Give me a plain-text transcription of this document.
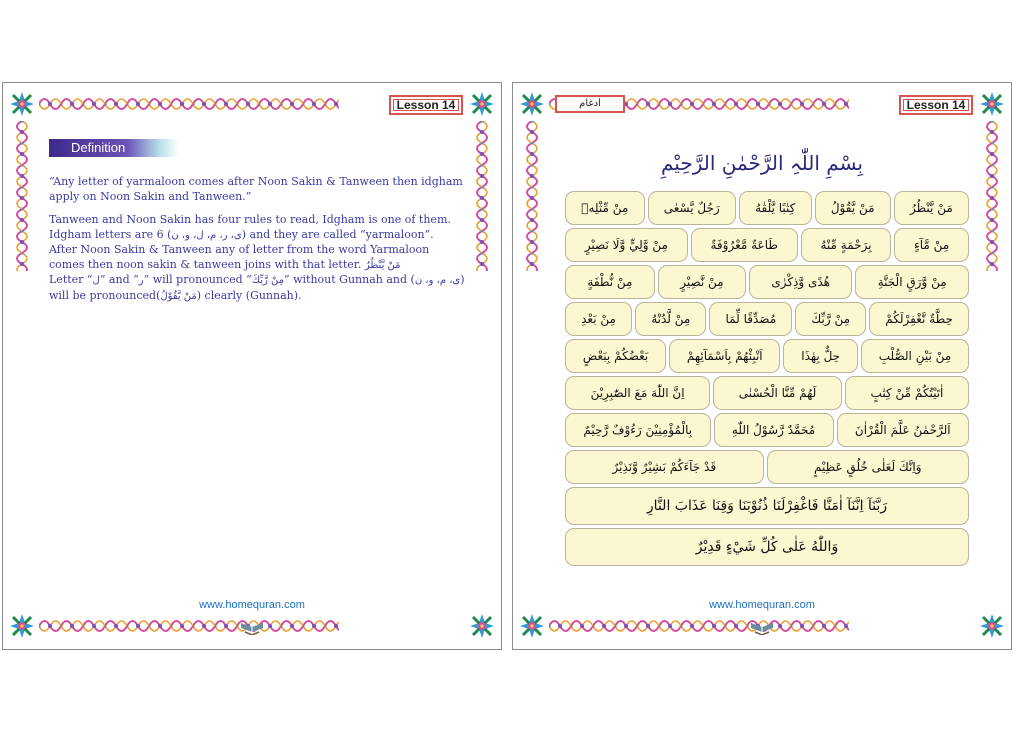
Lesson 14
Definition

“Any letter of yarmaloon comes after Noon Sakin & Tanween then idgham apply on Noon Sakin and Tanween.”

Tanween and Noon Sakin has four rules to read, Idgham is one of them.
Idgham letters are 6 (ی، ر، م، ل، و، ن) and they are called “yarmaloon”.
After Noon Sakin & Tanween any of letter from the word Yarmaloon
comes then noon sakin & tanween joins with that letter. مَنْ يَّنْظُرُ
Letter “ل” and “ر” will pronounced “مِنْ رَّبِّكَ” without Gunnah and (ی، م، و، ن)
will be pronounced(مَنْ يَّقُوْلُ) clearly (Gunnah).
www.homequran.com
ادغام	Lesson 14
بِسْمِ اللّٰہِ الرَّحْمٰنِ الرَّحِيْمِ
مَنْ يَّنْظُرُ
مَنْ يَّقُوْلُ
كِتٰبًا يَّلْقٰهُ
رَجُلٌ يَّسْعٰى
مِنْ مِّثْلِهٖ
مِنْ مَّآءٍ
بِرَحْمَةٍ مِّنْهُ
طَاعَةٌ مَّعْرُوْفَةٌ
مِنْ وَّلِيٍّ وَّلَا نَصِيْرٍ
مِنْ وَّرَقٍ الْجَنَّةِ
هُدًى وَّذِكْرٰى
مِنْ نَّصِيْرٍ
مِنْ نُّطْفَةٍ
حِطَّةٌ نَّغْفِرْلَكُمْ
مِنْ رَّبِّكَ
مُصَدِّقًا لِّمَا
مِنْ لَّدُنْهُ
مِنْ بَعْدِ
مِنْ بَيْنِ الصُّلْبِ
حِلٌّ بِهٰذَا
اَنْبِئْهُمْ بِاَسْمَآئِهِمْ
بَعْضُكُمْ بِبَعْضٍ
اٰتَيْتُكُمْ مِّنْ كِتٰبٍ
لَهُمْ مِّنَّا الْحُسْنٰى
اِنَّ اللّٰهَ مَعَ الصّٰبِرِيْنَ
اَلرَّحْمٰنُ عَلَّمَ الْقُرْاٰنَ
مُحَمَّدٌ رَّسُوْلُ اللّٰهِ
بِالْمُؤْمِنِيْنَ رَءُوْفٌ رَّحِيْمٌ
وَاِنَّكَ لَعَلٰى خُلُقٍ عَظِيْمٍ
قَدْ جَآءَكُمْ بَشِيْرٌ وَّنَذِيْرٌ
رَبَّنَآ اِنَّنَآ اٰمَنَّا فَاغْفِرْلَنَا ذُنُوْبَنَا وَقِنَا عَذَابَ النَّارِ
وَاللّٰهُ عَلٰى كُلِّ شَيْءٍ قَدِيْرٌ
www.homequran.com
